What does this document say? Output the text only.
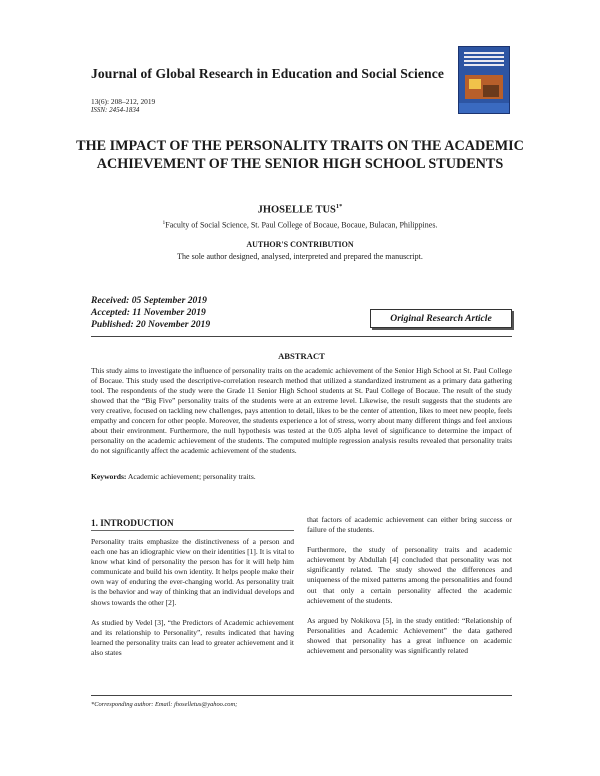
Journal of Global Research in Education and Social Science
13(6): 208–212, 2019
ISSN: 2454-1834
THE IMPACT OF THE PERSONALITY TRAITS ON THE ACADEMIC ACHIEVEMENT OF THE SENIOR HIGH SCHOOL STUDENTS
JHOSELLE $TUS^{1*}$
$^1$Faculty of Social Science, St. Paul College of Bocaue, Bocaue, Bulacan, Philippines.
AUTHOR'S CONTRIBUTION
The sole author designed, analysed, interpreted and prepared the manuscript.
Received: 05 September 2019
Accepted: 11 November 2019
Published: 20 November 2019
Original Research Article
ABSTRACT
This study aims to investigate the influence of personality traits on the academic achievement of the Senior High School at St. Paul College of Bocaue. This study used the descriptive-correlation research method that utilized a standardized instrument as a primary data gathering tool. The respondents of the study were the Grade 11 Senior High School students at St. Paul College of Bocaue. The result of the study showed that the “Big Five” personality traits of the students were at an extreme level. Likewise, the result suggests that the students are very creative, focused on tackling new challenges, pays attention to detail, likes to be the center of attention, likes to meet new people, feels empathy and concern for other people. Moreover, the students experience a lot of stress, worry about many different things and feel anxious about their environment. Furthermore, the null hypothesis was tested at the 0.05 alpha level of significance to determine the impact of personality on the academic achievement of the students. The computed multiple regression analysis results revealed that personality traits do not significantly affect the academic achievement of the students.
Keywords: Academic achievement; personality traits.
1. INTRODUCTION

Personality traits emphasize the distinctiveness of a person and each one has an idiographic view on their identities [1]. It is vital to know what kind of personality the person has for it will help him communicate and build his own identity. It helps people make their own way of enduring the ever-changing world. As personality trait is the behavior and way of thinking that an individual develops and shows towards the other [2].

As studied by Vedel [3], “the Predictors of Academic achievement and its relationship to Personality”, results indicated that having learned the personality traits can lead to greater achievement and it also states

that factors of academic achievement can either bring success or failure of the students.

Furthermore, the study of personality traits and academic achievement by Abdullah [4] concluded that personality was not significantly related. The study showed the differences and uniqueness of the mixed patterns among the personalities and found out that only a certain personality affected the academic achievement of the students.

As argued by Nokikova [5], in the study entitled: “Relationship of Personalities and Academic Achievement” the data gathered showed that personality has a great influence on academic achievement and personality was significantly related

*Corresponding author: Email: jhoselletus@yahoo.com;
